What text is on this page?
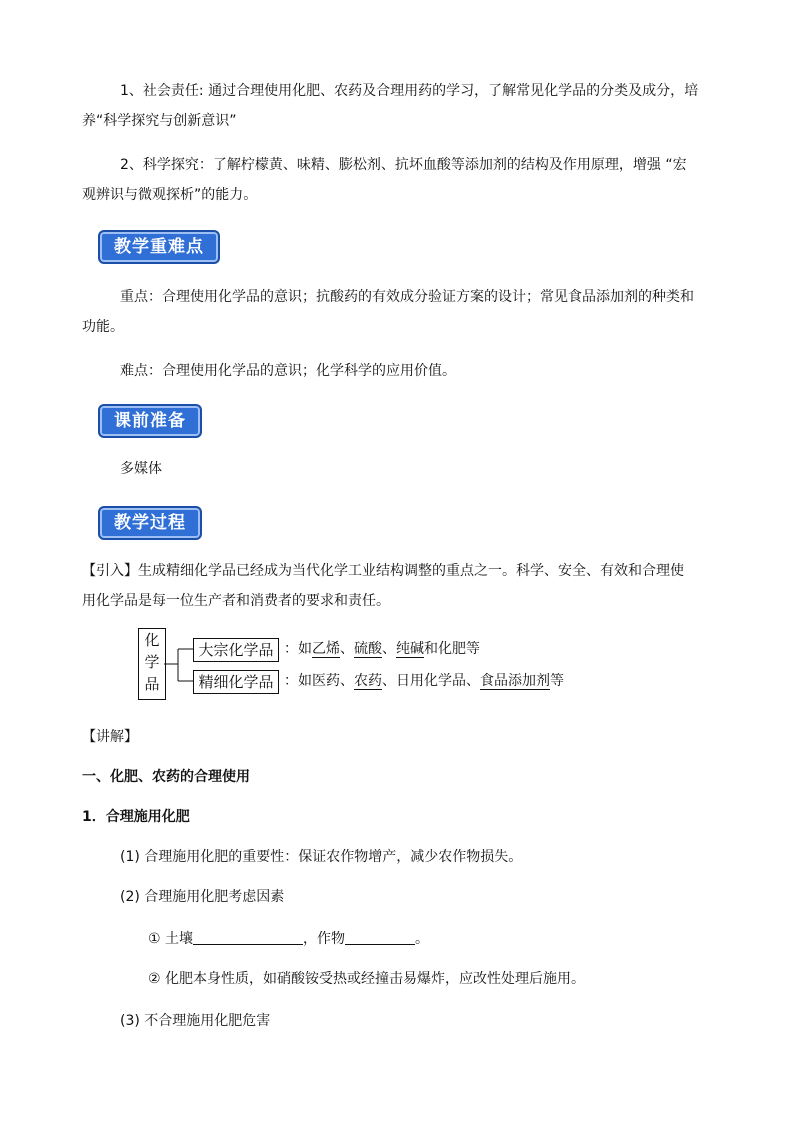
1、社会责任: 通过合理使用化肥、农药及合理用药的学习，了解常见化学品的分类及成分，培
养“科学探究与创新意识”
2、科学探究：了解柠檬黄、味精、膨松剂、抗坏血酸等添加剂的结构及作用原理，增强 “宏
观辨识与微观探析”的能力。
教学重难点
重点：合理使用化学品的意识；抗酸药的有效成分验证方案的设计；常见食品添加剂的种类和
功能。
难点：合理使用化学品的意识；化学科学的应用价值。
课前准备
多媒体
教学过程
【引入】生成精细化学品已经成为当代化学工业结构调整的重点之一。科学、安全、有效和合理使
用化学品是每一位生产者和消费者的要求和责任。
化
学
品
大宗化学品 ：如乙烯、硫酸、纯碱和化肥等
精细化学品 ：如医药、农药、日用化学品、食品添加剂等
【讲解】
一、化肥、农药的合理使用
1．合理施用化肥
(1) 合理施用化肥的重要性：保证农作物增产，减少农作物损失。
(2) 合理施用化肥考虑因素
① 土壤	，作物	。
② 化肥本身性质，如硝酸铵受热或经撞击易爆炸，应改性处理后施用。
(3) 不合理施用化肥危害
